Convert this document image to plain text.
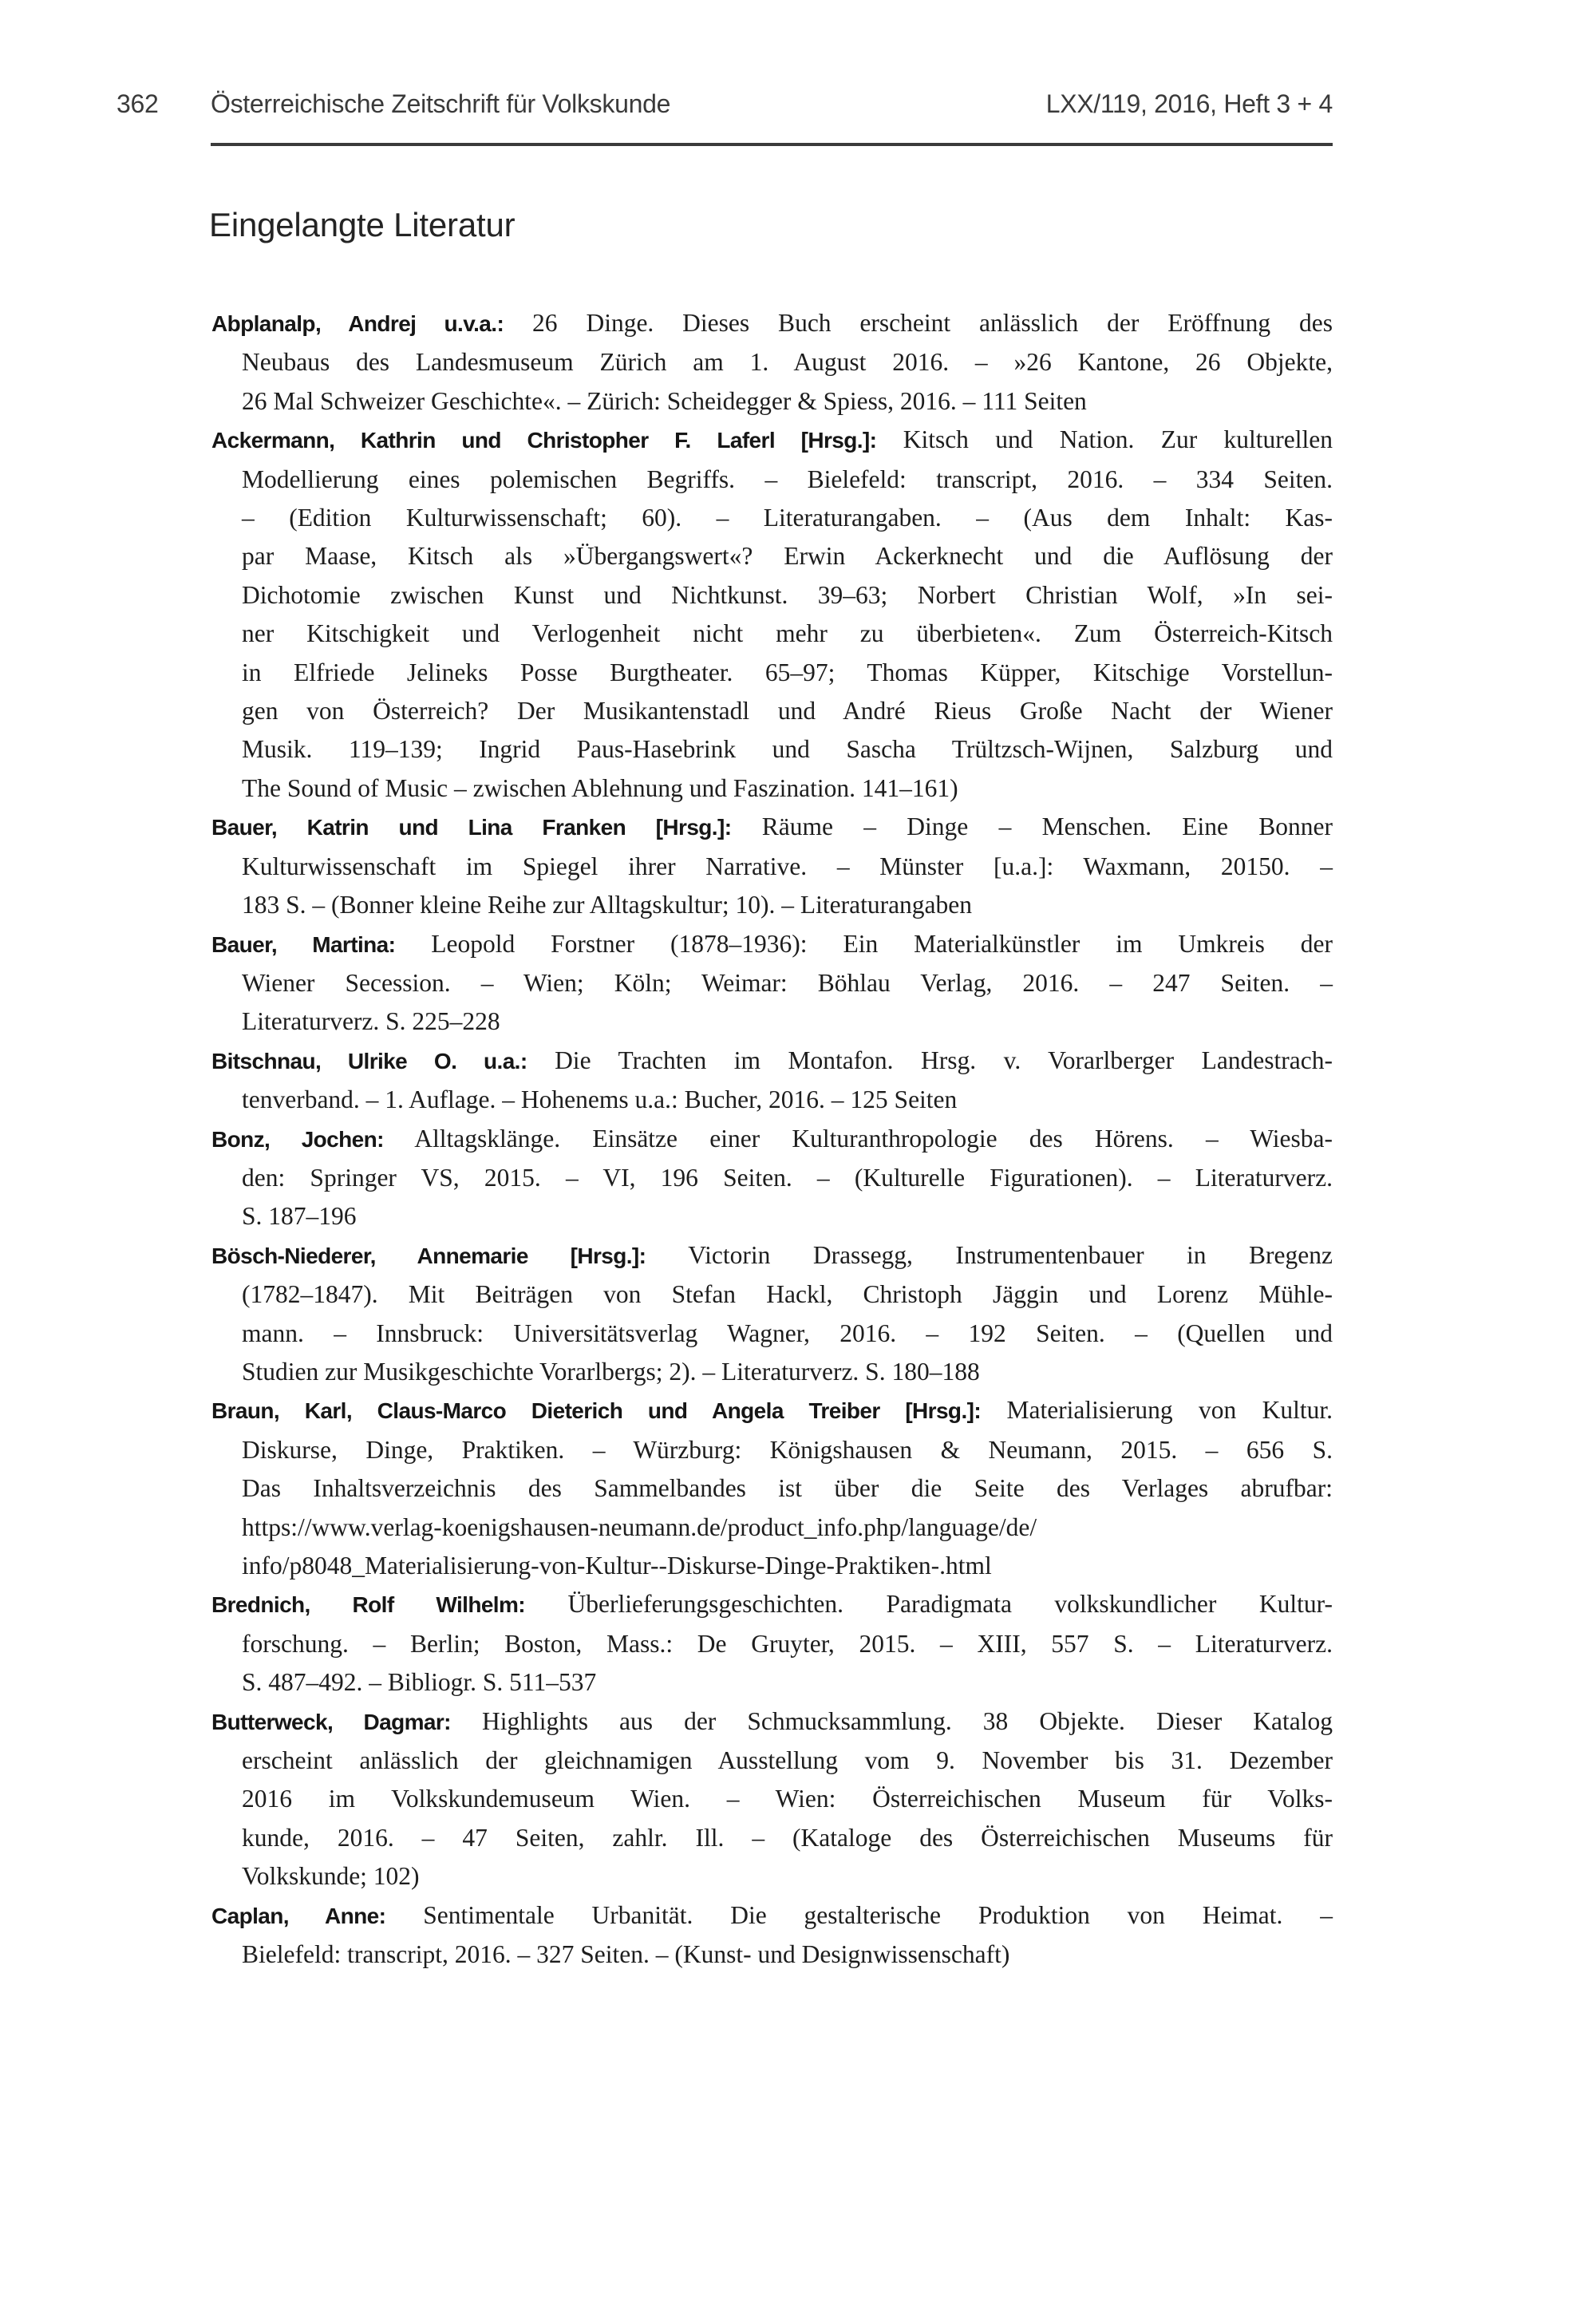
362 Österreichische Zeitschrift für Volkskunde	LXX/119, 2016, Heft 3 + 4
Eingelangte Literatur
Abplanalp, Andrej u.v.a.: 26 Dinge. Dieses Buch erscheint anlässlich der Eröffnung des
Neubaus des Landesmuseum Zürich am 1. August 2016. – »26 Kantone, 26 Objekte,
26 Mal Schweizer Geschichte«. – Zürich: Scheidegger & Spiess, 2016. – 111 Seiten
Ackermann, Kathrin und Christopher F. Laferl [Hrsg.]: Kitsch und Nation. Zur kulturellen
Modellierung eines polemischen Begriffs. – Bielefeld: transcript, 2016. – 334 Seiten.
– (Edition Kulturwissenschaft; 60). – Literaturangaben. – (Aus dem Inhalt: Kas-
par Maase, Kitsch als »Übergangswert«? Erwin Ackerknecht und die Auflösung der
Dichotomie zwischen Kunst und Nichtkunst. 39–63; Norbert Christian Wolf, »In sei-
ner Kitschigkeit und Verlogenheit nicht mehr zu überbieten«. Zum Österreich-Kitsch
in Elfriede Jelineks Posse Burgtheater. 65–97; Thomas Küpper, Kitschige Vorstellun-
gen von Österreich? Der Musikantenstadl und André Rieus Große Nacht der Wiener
Musik. 119–139; Ingrid Paus-Hasebrink und Sascha Trültzsch-Wijnen, Salzburg und
The Sound of Music – zwischen Ablehnung und Faszination. 141–161)
Bauer, Katrin und Lina Franken [Hrsg.]: Räume – Dinge – Menschen. Eine Bonner
Kulturwissenschaft im Spiegel ihrer Narrative. – Münster [u.a.]: Waxmann, 20150. –
183 S. – (Bonner kleine Reihe zur Alltagskultur; 10). – Literaturangaben
Bauer, Martina: Leopold Forstner (1878–1936): Ein Materialkünstler im Umkreis der
Wiener Secession. – Wien; Köln; Weimar: Böhlau Verlag, 2016. – 247 Seiten. –
Literaturverz. S. 225–228
Bitschnau, Ulrike O. u.a.: Die Trachten im Montafon. Hrsg. v. Vorarlberger Landestrach-
tenverband. – 1. Auflage. – Hohenems u.a.: Bucher, 2016. – 125 Seiten
Bonz, Jochen: Alltagsklänge. Einsätze einer Kulturanthropologie des Hörens. – Wiesba-
den: Springer VS, 2015. – VI, 196 Seiten. – (Kulturelle Figurationen). – Literaturverz.
S. 187–196
Bösch-Niederer, Annemarie [Hrsg.]: Victorin Drassegg, Instrumentenbauer in Bregenz
(1782–1847). Mit Beiträgen von Stefan Hackl, Christoph Jäggin und Lorenz Mühle-
mann. – Innsbruck: Universitätsverlag Wagner, 2016. – 192 Seiten. – (Quellen und
Studien zur Musikgeschichte Vorarlbergs; 2). – Literaturverz. S. 180–188
Braun, Karl, Claus-Marco Dieterich und Angela Treiber [Hrsg.]: Materialisierung von Kultur.
Diskurse, Dinge, Praktiken. – Würzburg: Königshausen & Neumann, 2015. – 656 S.
Das Inhaltsverzeichnis des Sammelbandes ist über die Seite des Verlages abrufbar:
https://www.verlag-koenigshausen-neumann.de/product_info.php/language/de/
info/p8048_Materialisierung-von-Kultur--Diskurse-Dinge-Praktiken-.html
Brednich, Rolf Wilhelm: Überlieferungsgeschichten. Paradigmata volkskundlicher Kultur-
forschung. – Berlin; Boston, Mass.: De Gruyter, 2015. – XIII, 557 S. – Literaturverz.
S. 487–492. – Bibliogr. S. 511–537
Butterweck, Dagmar: Highlights aus der Schmucksammlung. 38 Objekte. Dieser Katalog
erscheint anlässlich der gleichnamigen Ausstellung vom 9. November bis 31. Dezember
2016 im Volkskundemuseum Wien. – Wien: Österreichischen Museum für Volks-
kunde, 2016. – 47 Seiten, zahlr. Ill. – (Kataloge des Österreichischen Museums für
Volkskunde; 102)
Caplan, Anne: Sentimentale Urbanität. Die gestalterische Produktion von Heimat. –
Bielefeld: transcript, 2016. – 327 Seiten. – (Kunst- und Designwissenschaft)
